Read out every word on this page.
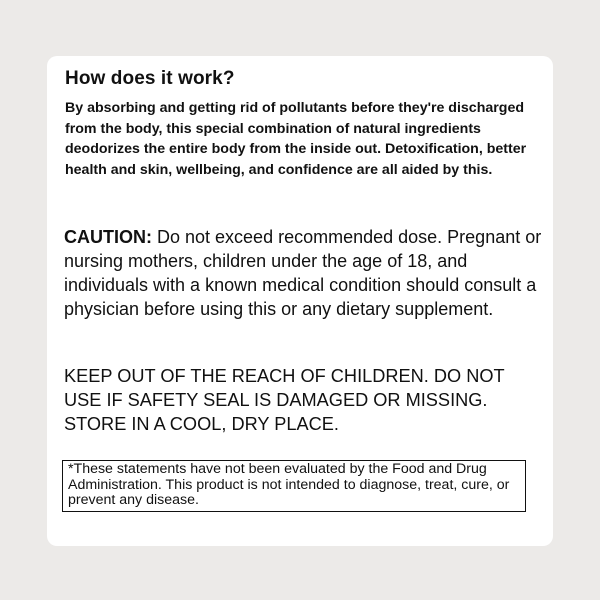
How does it work?

By absorbing and getting rid of pollutants before they're discharged from the body, this special combination of natural ingredients deodorizes the entire body from the inside out. Detoxification, better health and skin, wellbeing, and confidence are all aided by this.

CAUTION: Do not exceed recommended dose. Pregnant or nursing mothers, children under the age of 18, and individuals with a known medical condition should consult a physician before using this or any dietary supplement.

KEEP OUT OF THE REACH OF CHILDREN. DO NOT USE IF SAFETY SEAL IS DAMAGED OR MISSING. STORE IN A COOL, DRY PLACE.

*These statements have not been evaluated by the Food and Drug Administration. This product is not intended to diagnose, treat, cure, or prevent any disease.
